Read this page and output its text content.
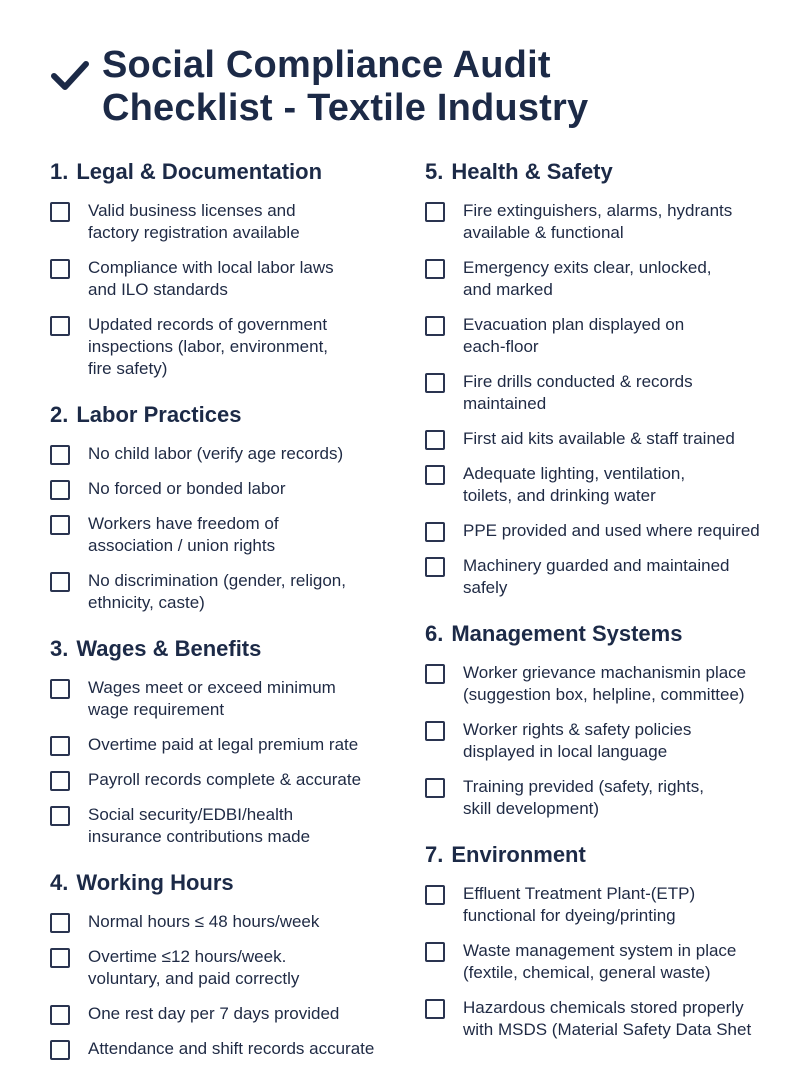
Social Compliance Audit
Checklist - Textile Industry
1. Legal & Documentation
Valid business licenses and
factory registration available
Compliance with local labor laws
and ILO standards
Updated records of government
inspections (labor, environment,
fire safety)
2. Labor Practices
No child labor (verify age records)
No forced or bonded labor
Workers have freedom of
association / union rights
No discrimination (gender, religon,
ethnicity, caste)
3. Wages & Benefits
Wages meet or exceed minimum
wage requirement
Overtime paid at legal premium rate
Payroll records complete & accurate
Social security/EDBI/health
insurance contributions made
4. Working Hours
Normal hours ≤ 48 hours/week
Overtime ≤12 hours/week.
voluntary, and paid correctly
One rest day per 7 days provided
Attendance and shift records accurate
5. Health & Safety
Fire extinguishers, alarms, hydrants
available & functional
Emergency exits clear, unlocked,
and marked
Evacuation plan displayed on
each-floor
Fire drills conducted & records
maintained
First aid kits available & staff trained
Adequate lighting, ventilation,
toilets, and drinking water
PPE provided and used where required
Machinery guarded and maintained
safely
6. Management Systems
Worker grievance machanismin place
(suggestion box, helpline, committee)
Worker rights & safety policies
displayed in local language
Training previded (safety, rights,
skill development)
7. Environment
Effluent Treatment Plant-(ETP)
functional for dyeing/printing
Waste management system in place
(fextile, chemical, general waste)
Hazardous chemicals stored properly
with MSDS (Material Safety Data Shet
